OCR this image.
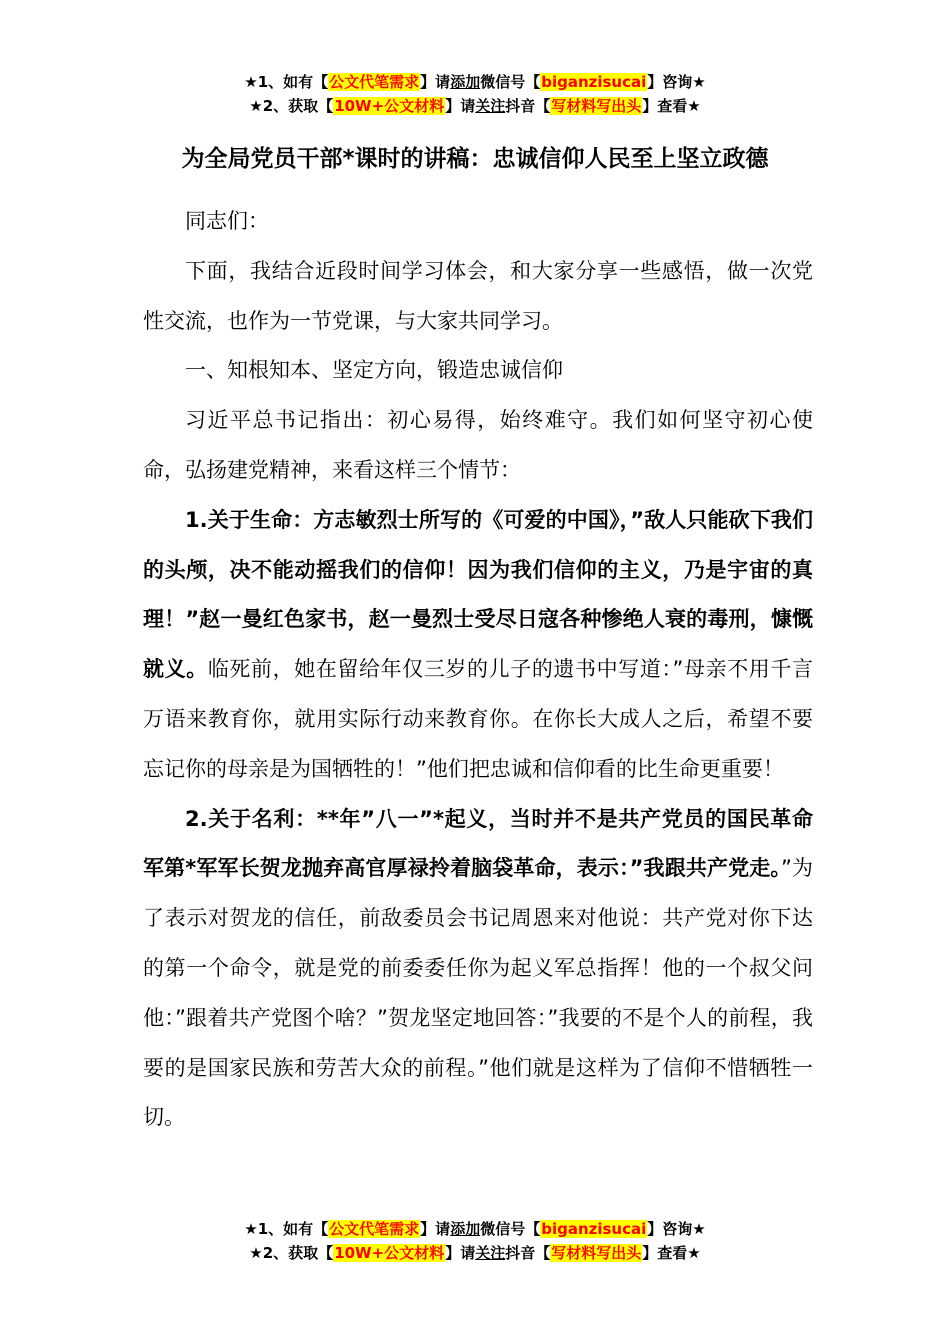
★1、如有【公文代笔需求】请添加微信号【biganzisucai】咨询★
★2、获取【10W+公文材料】请关注抖音【写材料写出头】查看★
为全局党员干部*课时的讲稿：忠诚信仰人民至上坚立政德

同志们：

下面，我结合近段时间学习体会，和大家分享一些感悟，做一次党性交流，也作为一节党课，与大家共同学习。

一、知根知本、坚定方向，锻造忠诚信仰

习近平总书记指出：初心易得，始终难守。我们如何坚守初心使命，弘扬建党精神，来看这样三个情节：

1.关于生命：方志敏烈士所写的《可爱的中国》，”敌人只能砍下我们的头颅，决不能动摇我们的信仰！因为我们信仰的主义，乃是宇宙的真理！”赵一曼红色家书，赵一曼烈士受尽日寇各种惨绝人衰的毒刑，慷慨就义。临死前，她在留给年仅三岁的儿子的遗书中写道：”母亲不用千言万语来教育你，就用实际行动来教育你。在你长大成人之后，希望不要忘记你的母亲是为国牺牲的！”他们把忠诚和信仰看的比生命更重要！

2.关于名利：**年”八一”*起义，当时并不是共产党员的国民革命军第*军军长贺龙抛弃高官厚禄拎着脑袋革命，表示：”我跟共产党走。”为了表示对贺龙的信任，前敌委员会书记周恩来对他说：共产党对你下达的第一个命令，就是党的前委委任你为起义军总指挥！他的一个叔父问他：”跟着共产党图个啥？”贺龙坚定地回答：”我要的不是个人的前程，我要的是国家民族和劳苦大众的前程。”他们就是这样为了信仰不惜牺牲一切。

★1、如有【公文代笔需求】请添加微信号【biganzisucai】咨询★
★2、获取【10W+公文材料】请关注抖音【写材料写出头】查看★
